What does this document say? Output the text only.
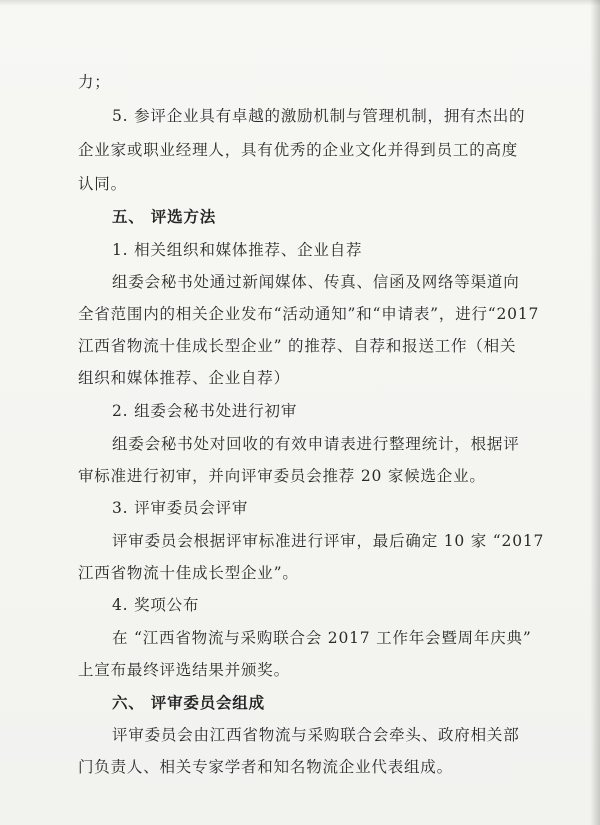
力；
5. 参评企业具有卓越的激励机制与管理机制，拥有杰出的
企业家或职业经理人，具有优秀的企业文化并得到员工的高度
认同。
五、 评选方法
1. 相关组织和媒体推荐、企业自荐
组委会秘书处通过新闻媒体、传真、信函及网络等渠道向
全省范围内的相关企业发布“活动通知”和“申请表”，进行“2017
江西省物流十佳成长型企业” 的推荐、自荐和报送工作（相关
组织和媒体推荐、企业自荐）
2. 组委会秘书处进行初审
组委会秘书处对回收的有效申请表进行整理统计，根据评
审标准进行初审，并向评审委员会推荐 20 家候选企业。
3. 评审委员会评审
评审委员会根据评审标准进行评审，最后确定 10 家 “2017
江西省物流十佳成长型企业”。
4. 奖项公布
在 “江西省物流与采购联合会 2017 工作年会暨周年庆典”
上宣布最终评选结果并颁奖。
六、 评审委员会组成
评审委员会由江西省物流与采购联合会牵头、政府相关部
门负责人、相关专家学者和知名物流企业代表组成。
